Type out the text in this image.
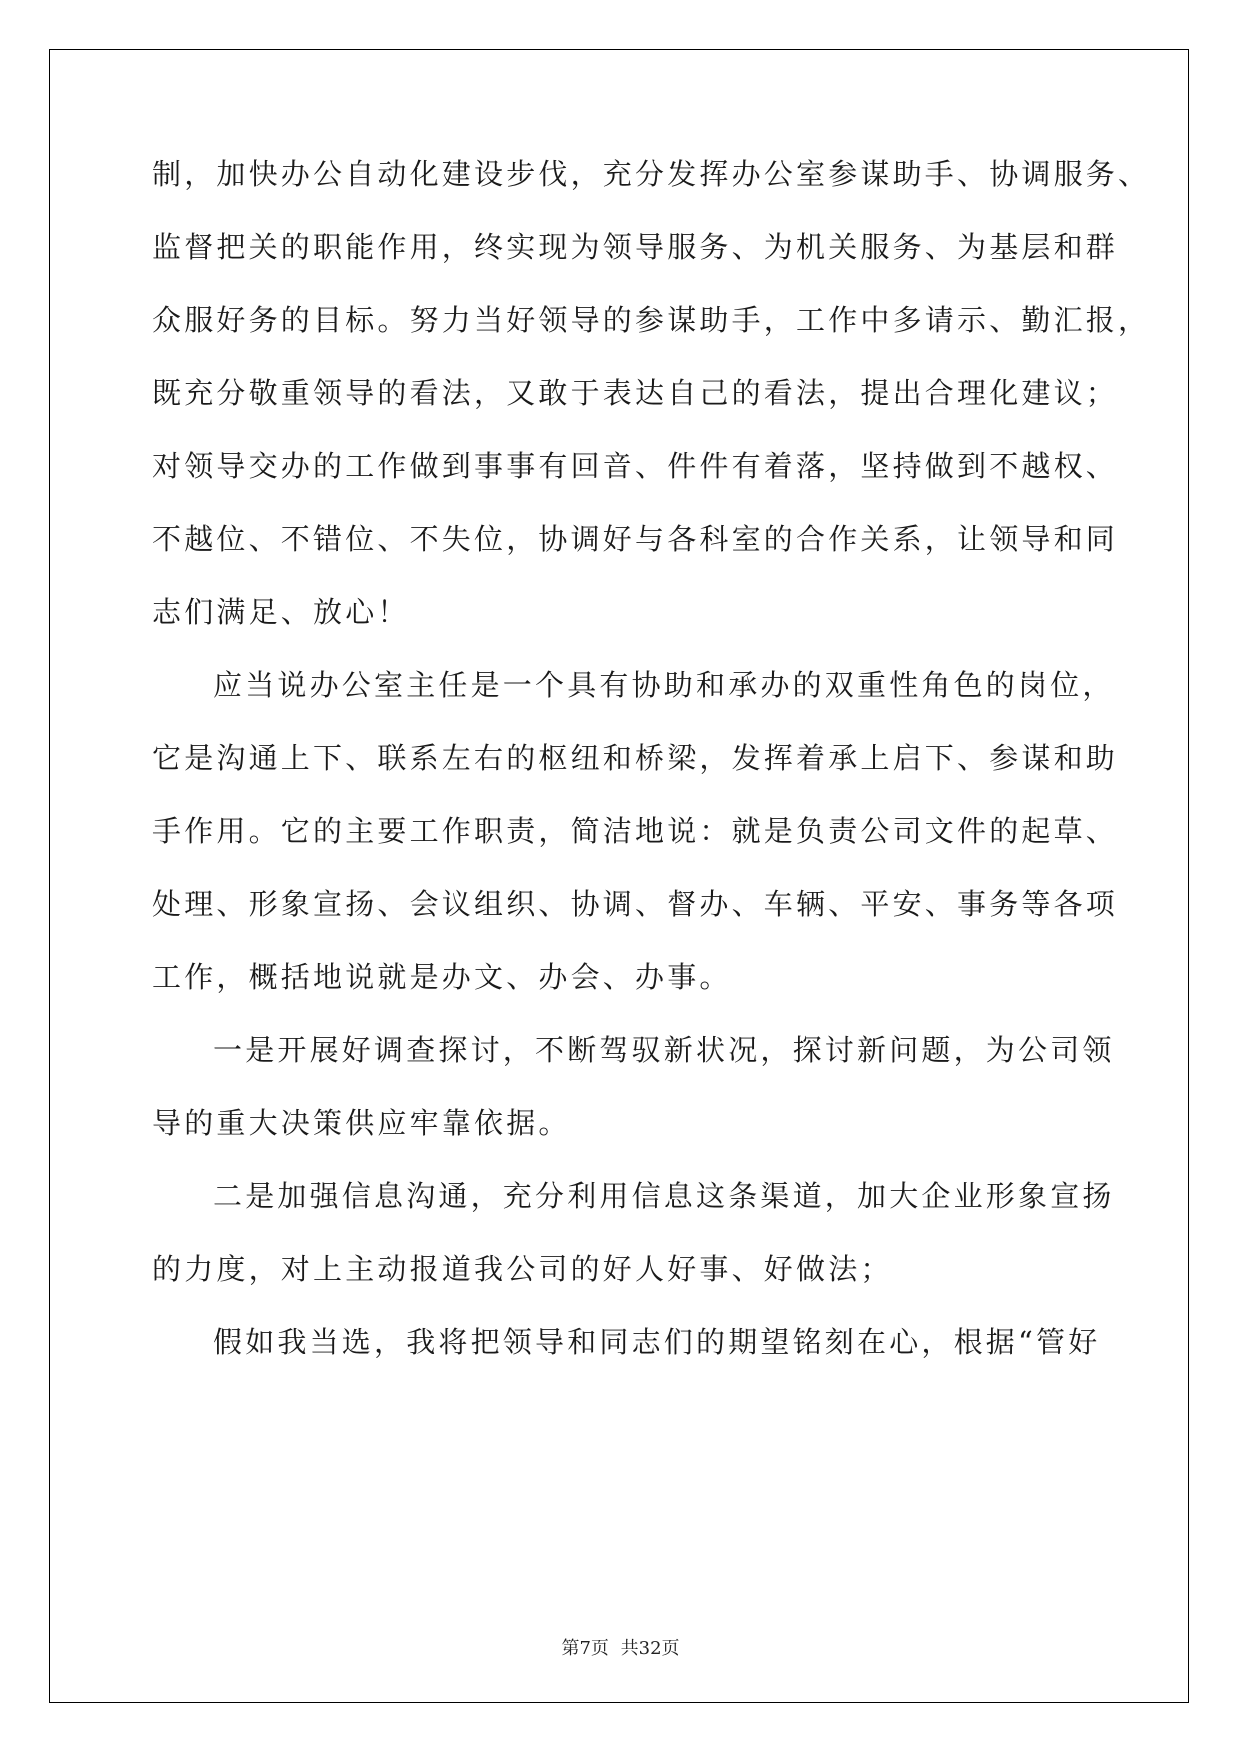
制，加快办公自动化建设步伐，充分发挥办公室参谋助手、协调服务、
监督把关的职能作用，终实现为领导服务、为机关服务、为基层和群
众服好务的目标。努力当好领导的参谋助手，工作中多请示、勤汇报，
既充分敬重领导的看法，又敢于表达自己的看法，提出合理化建议；
对领导交办的工作做到事事有回音、件件有着落，坚持做到不越权、
不越位、不错位、不失位，协调好与各科室的合作关系，让领导和同
志们满足、放心！
应当说办公室主任是一个具有协助和承办的双重性角色的岗位，
它是沟通上下、联系左右的枢纽和桥梁，发挥着承上启下、参谋和助
手作用。它的主要工作职责，简洁地说：就是负责公司文件的起草、
处理、形象宣扬、会议组织、协调、督办、车辆、平安、事务等各项
工作，概括地说就是办文、办会、办事。
一是开展好调查探讨，不断驾驭新状况，探讨新问题，为公司领
导的重大决策供应牢靠依据。
二是加强信息沟通，充分利用信息这条渠道，加大企业形象宣扬
的力度，对上主动报道我公司的好人好事、好做法；
假如我当选，我将把领导和同志们的期望铭刻在心，根据“管好
第7页 共32页
